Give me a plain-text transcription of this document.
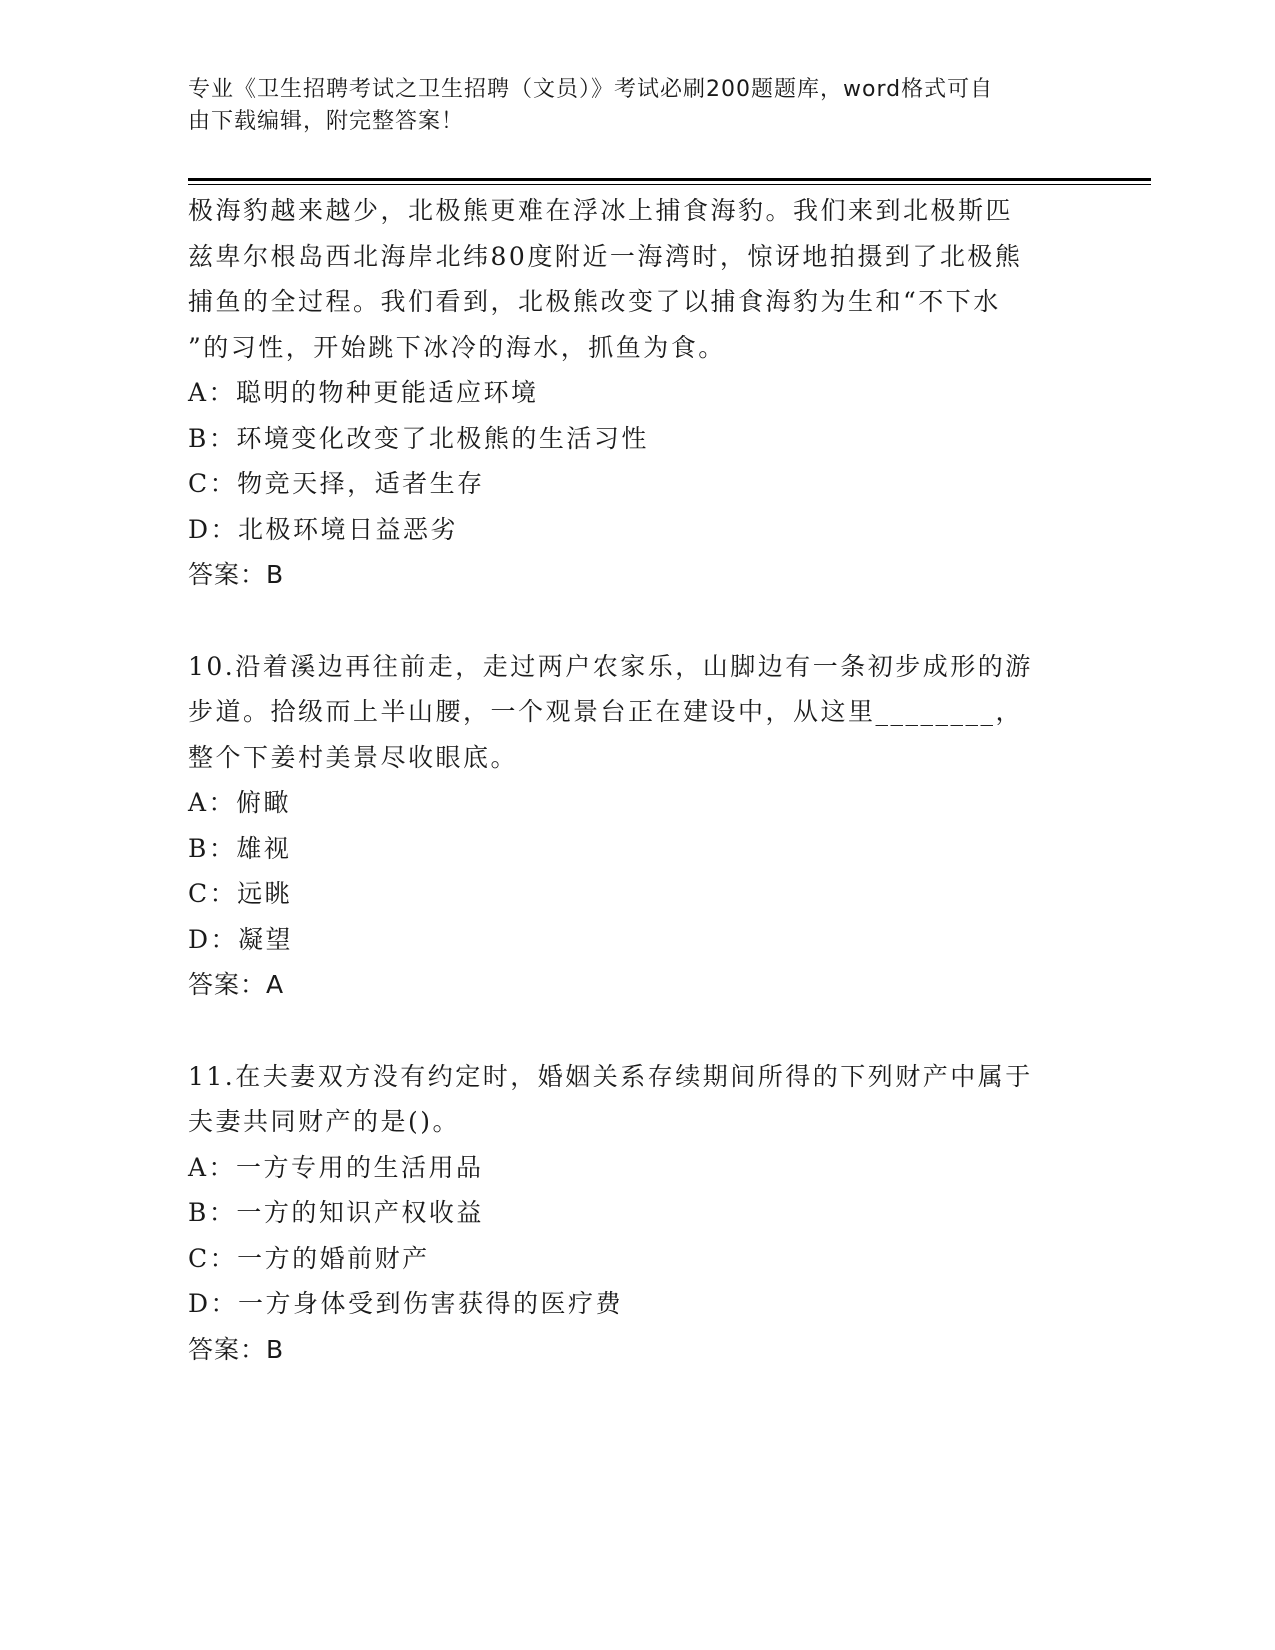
专业《卫生招聘考试之卫生招聘（文员）》考试必刷200题题库，word格式可自
由下载编辑，附完整答案！
极海豹越来越少，北极熊更难在浮冰上捕食海豹。我们来到北极斯匹
兹卑尔根岛西北海岸北纬80度附近一海湾时，惊讶地拍摄到了北极熊
捕鱼的全过程。我们看到，北极熊改变了以捕食海豹为生和“不下水
”的习性，开始跳下冰冷的海水，抓鱼为食。
A：聪明的物种更能适应环境
B：环境变化改变了北极熊的生活习性
C：物竞天择，适者生存
D：北极环境日益恶劣
答案：B
10.沿着溪边再往前走，走过两户农家乐，山脚边有一条初步成形的游
步道。拾级而上半山腰，一个观景台正在建设中，从这里________，
整个下姜村美景尽收眼底。
A：俯瞰
B：雄视
C：远眺
D：凝望
答案：A
11.在夫妻双方没有约定时，婚姻关系存续期间所得的下列财产中属于
夫妻共同财产的是()。
A：一方专用的生活用品
B：一方的知识产权收益
C：一方的婚前财产
D：一方身体受到伤害获得的医疗费
答案：B
